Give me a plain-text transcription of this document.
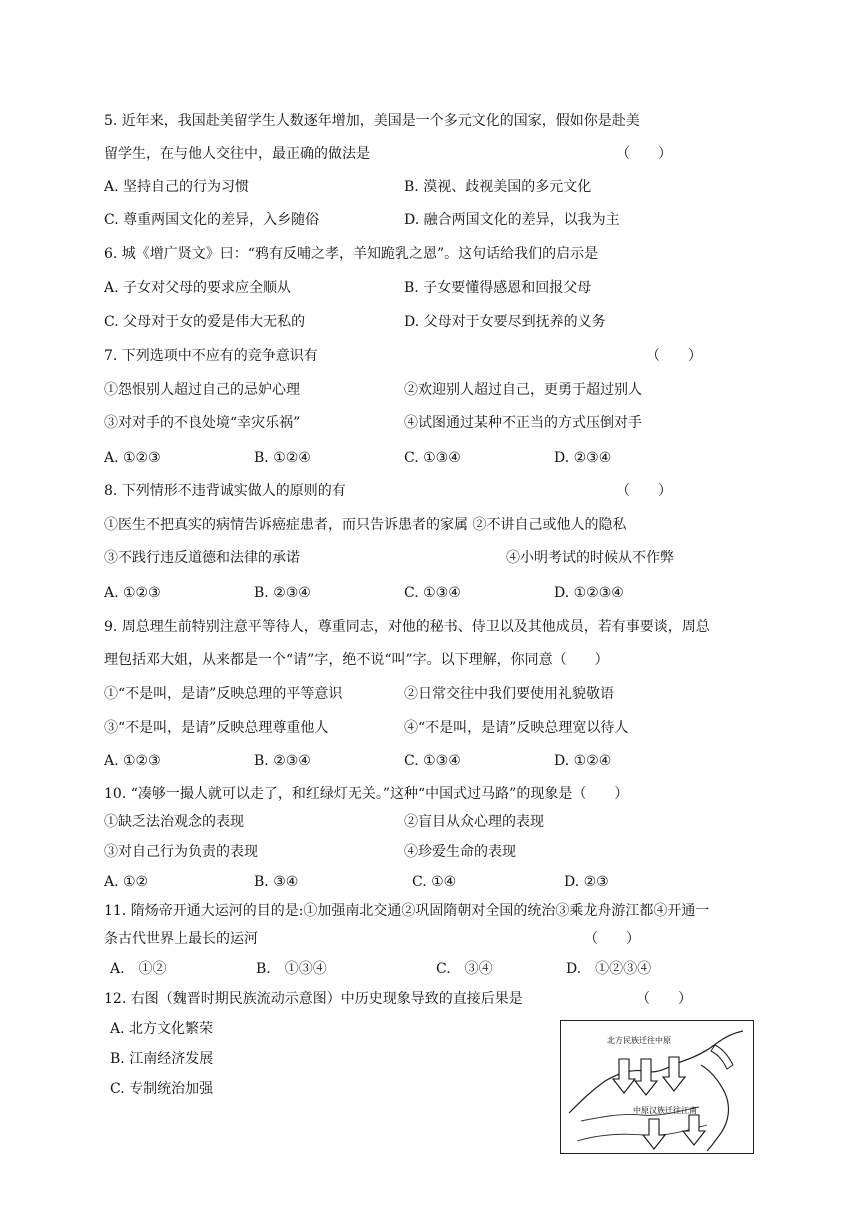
5. 近年来，我国赴美留学生人数逐年增加，美国是一个多元文化的国家，假如你是赴美
留学生，在与他人交往中，最正确的做法是	（　　）
A. 坚持自己的行为习惯	B. 漠视、歧视美国的多元文化
C. 尊重两国文化的差异，入乡随俗	D. 融合两国文化的差异，以我为主
6. 城《增广贤文》曰：“鸦有反哺之孝，羊知跪乳之恩”。这句话给我们的启示是
A. 子女对父母的要求应全顺从	B. 子女要懂得感恩和回报父母
C. 父母对于女的爱是伟大无私的	D. 父母对于女要尽到抚养的义务
7. 下列选项中不应有的竞争意识有	（　　）
①怨恨别人超过自己的忌妒心理	②欢迎别人超过自己，更勇于超过别人
③对对手的不良处境“幸灾乐祸”	④试图通过某种不正当的方式压倒对手
A. ①②③	B. ①②④	C. ①③④	D. ②③④
8. 下列情形不违背诚实做人的原则的有	（　　）
①医生不把真实的病情告诉癌症患者，而只告诉患者的家属 ②不讲自己或他人的隐私
③不践行违反道德和法律的承诺	④小明考试的时候从不作弊
A. ①②③	B. ②③④	C. ①③④	D. ①②③④
9. 周总理生前特别注意平等待人，尊重同志，对他的秘书、侍卫以及其他成员，若有事要谈，周总
理包括邓大姐，从来都是一个“请”字，绝不说“叫”字。以下理解，你同意（　　）
①“不是叫，是请”反映总理的平等意识	②日常交往中我们要使用礼貌敬语
③“不是叫，是请”反映总理尊重他人	④“不是叫，是请”反映总理宽以待人
A. ①②③	B. ②③④	C. ①③④	D. ①②④
10. “凑够一撮人就可以走了，和红绿灯无关。”这种“中国式过马路”的现象是（　　）
①缺乏法治观念的表现	②盲目从众心理的表现
③对自己行为负责的表现	④珍爱生命的表现
A. ①②	B. ③④	C. ①④	D. ②③
11. 隋炀帝开通大运河的目的是:①加强南北交通②巩固隋朝对全国的统治③乘龙舟游江都④开通一
条古代世界上最长的运河	（　　）
A.　①②	B.　①③④	C.　③④	D.　①②③④
12. 右图（魏晋时期民族流动示意图）中历史现象导致的直接后果是	（　　）
A. 北方文化繁荣
B. 江南经济发展
C. 专制统治加强
北方民族迁往中原
中原汉族迁往江南
